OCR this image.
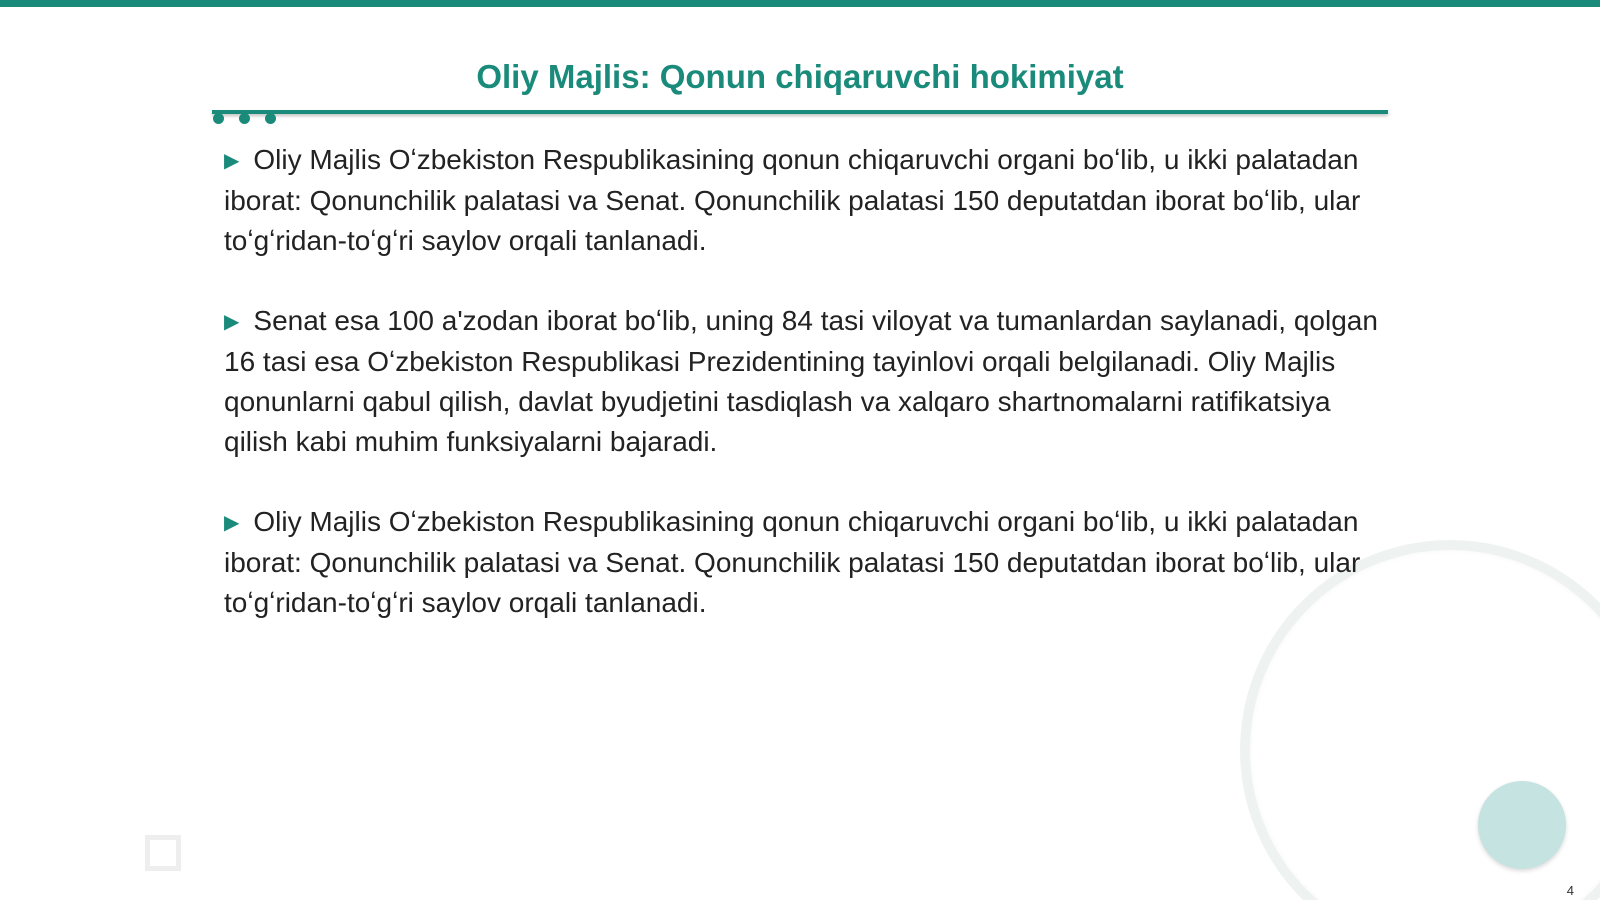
Oliy Majlis: Qonun chiqaruvchi hokimiyat

▶ Oliy Majlis Oʻzbekiston Respublikasining qonun chiqaruvchi organi boʻlib, u ikki palatadan iborat: Qonunchilik palatasi va Senat. Qonunchilik palatasi 150 deputatdan iborat boʻlib, ular toʻgʻridan-toʻgʻri saylov orqali tanlanadi.

▶ Senat esa 100 a'zodan iborat boʻlib, uning 84 tasi viloyat va tumanlardan saylanadi, qolgan 16 tasi esa Oʻzbekiston Respublikasi Prezidentining tayinlovi orqali belgilanadi. Oliy Majlis qonunlarni qabul qilish, davlat byudjetini tasdiqlash va xalqaro shartnomalarni ratifikatsiya qilish kabi muhim funksiyalarni bajaradi.

▶ Oliy Majlis Oʻzbekiston Respublikasining qonun chiqaruvchi organi boʻlib, u ikki palatadan iborat: Qonunchilik palatasi va Senat. Qonunchilik palatasi 150 deputatdan iborat boʻlib, ular toʻgʻridan-toʻgʻri saylov orqali tanlanadi.

4
